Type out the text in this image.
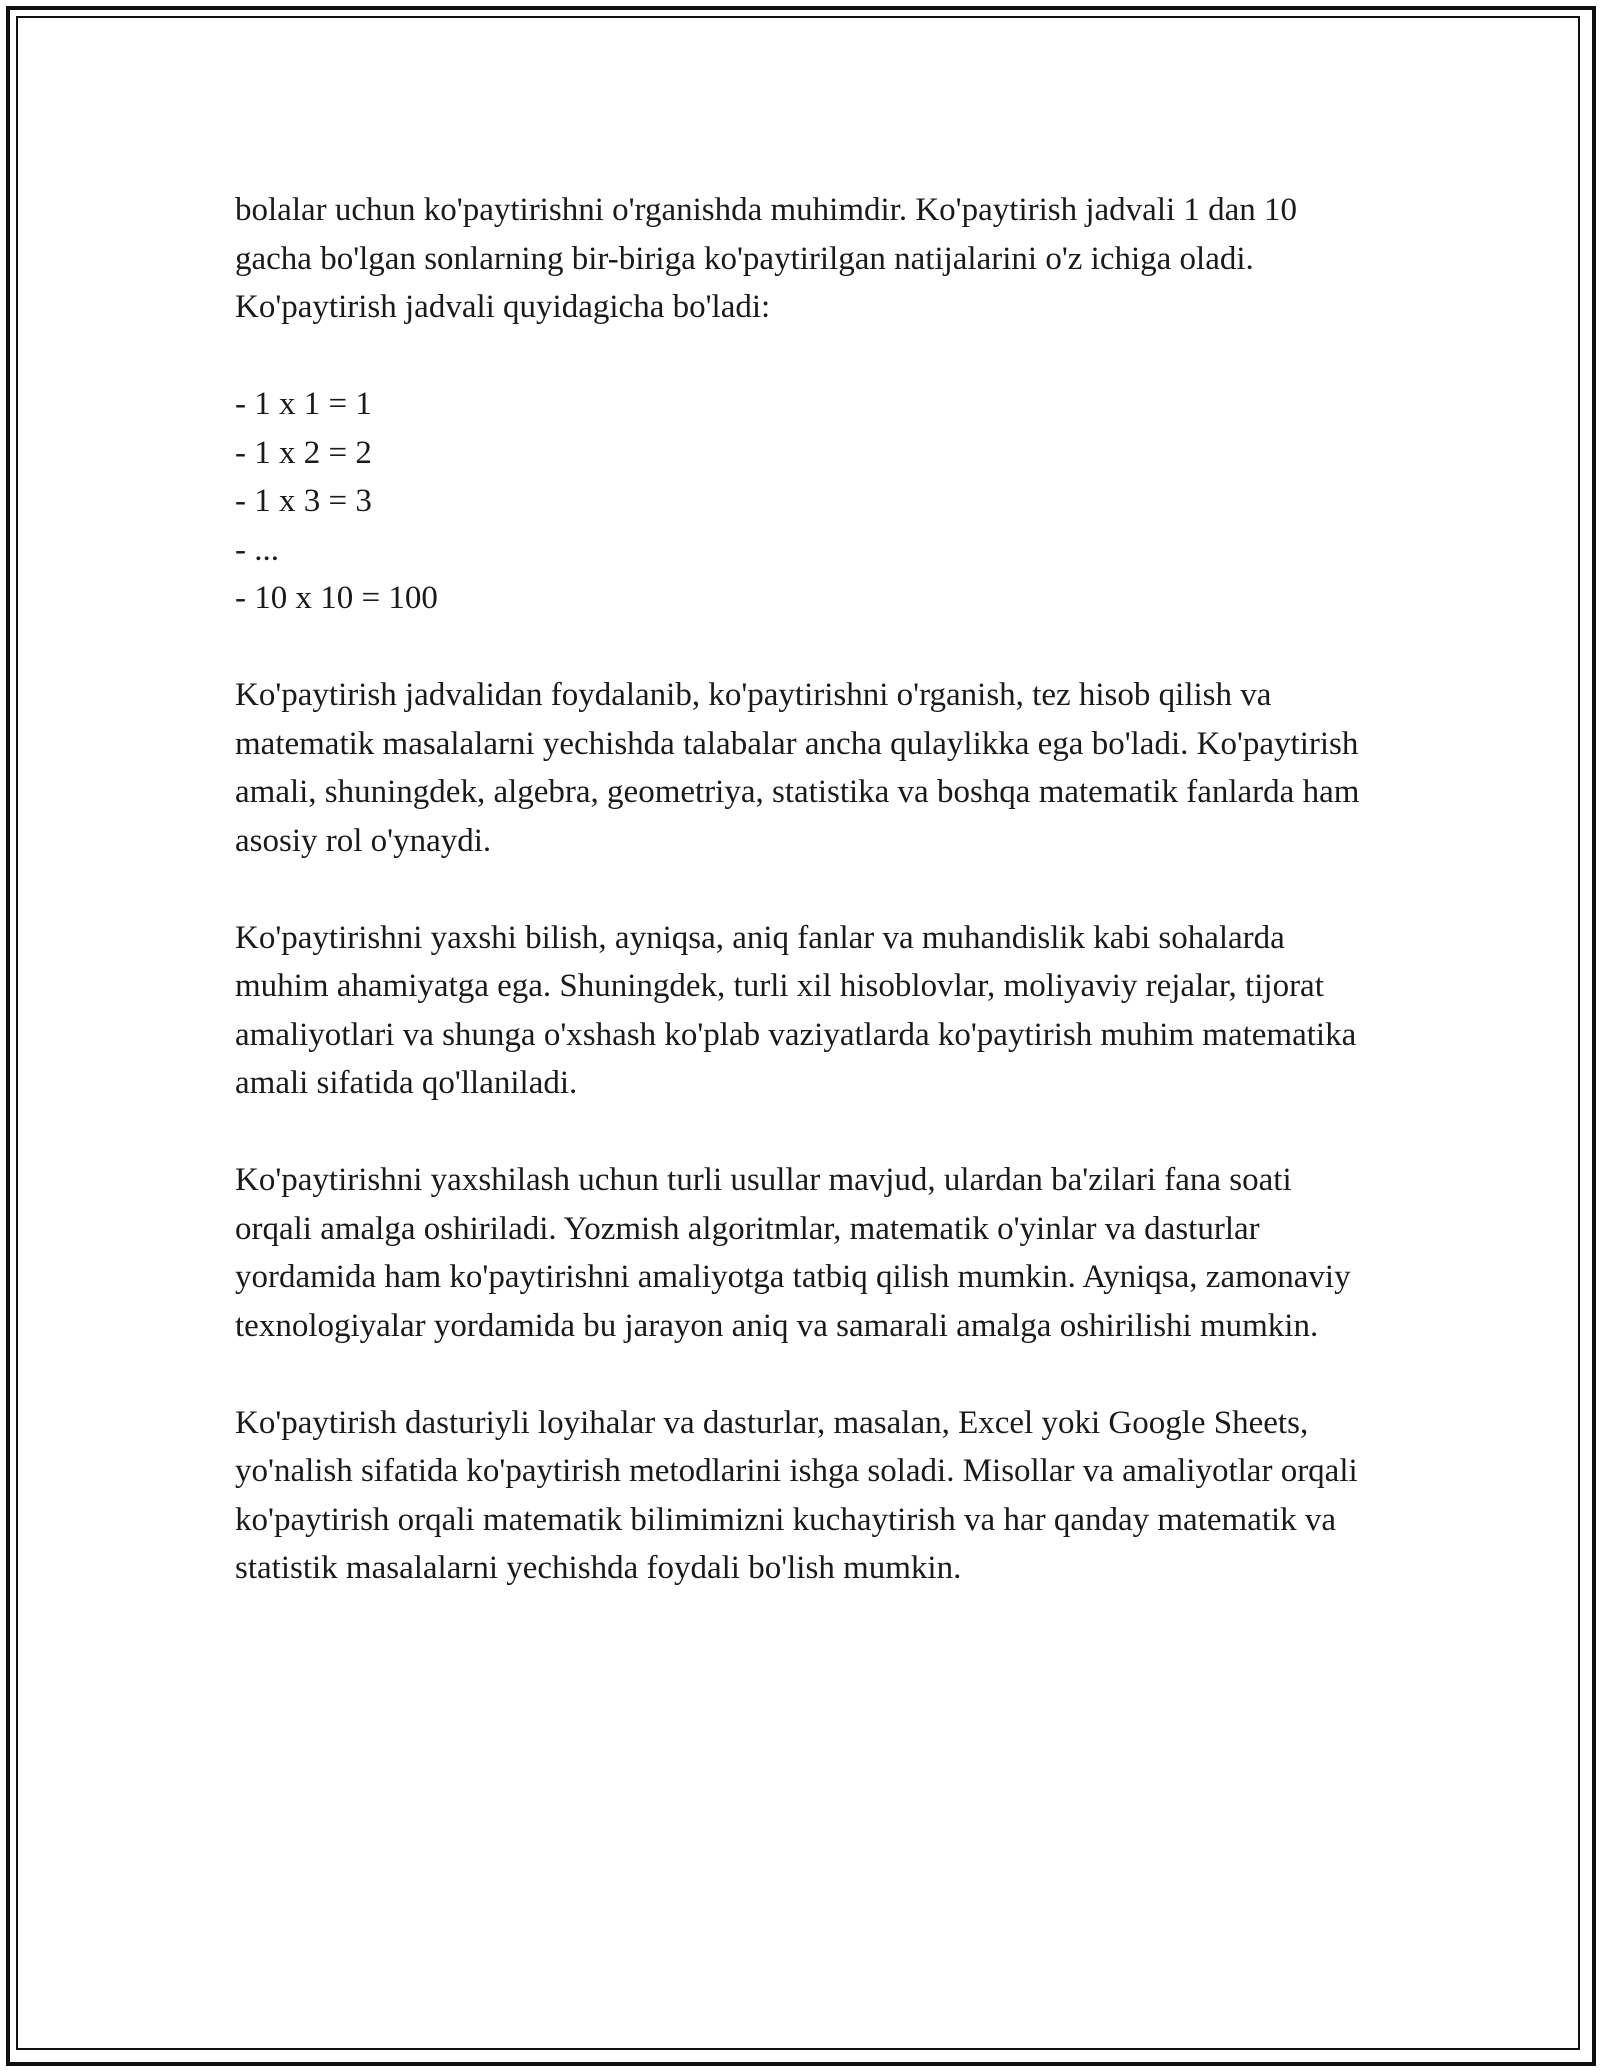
bolalar uchun ko'paytirishni o'rganishda muhimdir. Ko'paytirish jadvali 1 dan 10 gacha bo'lgan sonlarning bir-biriga ko'paytirilgan natijalarini o'z ichiga oladi. Ko'paytirish jadvali quyidagicha bo'ladi:

- 1 x 1 = 1
- 1 x 2 = 2
- 1 x 3 = 3
- ...
- 10 x 10 = 100

Ko'paytirish jadvalidan foydalanib, ko'paytirishni o'rganish, tez hisob qilish va matematik masalalarni yechishda talabalar ancha qulaylikka ega bo'ladi. Ko'paytirish amali, shuningdek, algebra, geometriya, statistika va boshqa matematik fanlarda ham asosiy rol o'ynaydi.

Ko'paytirishni yaxshi bilish, ayniqsa, aniq fanlar va muhandislik kabi sohalarda muhim ahamiyatga ega. Shuningdek, turli xil hisoblovlar, moliyaviy rejalar, tijorat amaliyotlari va shunga o'xshash ko'plab vaziyatlarda ko'paytirish muhim matematika amali sifatida qo'llaniladi.

Ko'paytirishni yaxshilash uchun turli usullar mavjud, ulardan ba'zilari fana soati orqali amalga oshiriladi. Yozmish algoritmlar, matematik o'yinlar va dasturlar yordamida ham ko'paytirishni amaliyotga tatbiq qilish mumkin. Ayniqsa, zamonaviy texnologiyalar yordamida bu jarayon aniq va samarali amalga oshirilishi mumkin.

Ko'paytirish dasturiyli loyihalar va dasturlar, masalan, Excel yoki Google Sheets, yo'nalish sifatida ko'paytirish metodlarini ishga soladi. Misollar va amaliyotlar orqali ko'paytirish orqali matematik bilimimizni kuchaytirish va har qanday matematik va statistik masalalarni yechishda foydali bo'lish mumkin.
